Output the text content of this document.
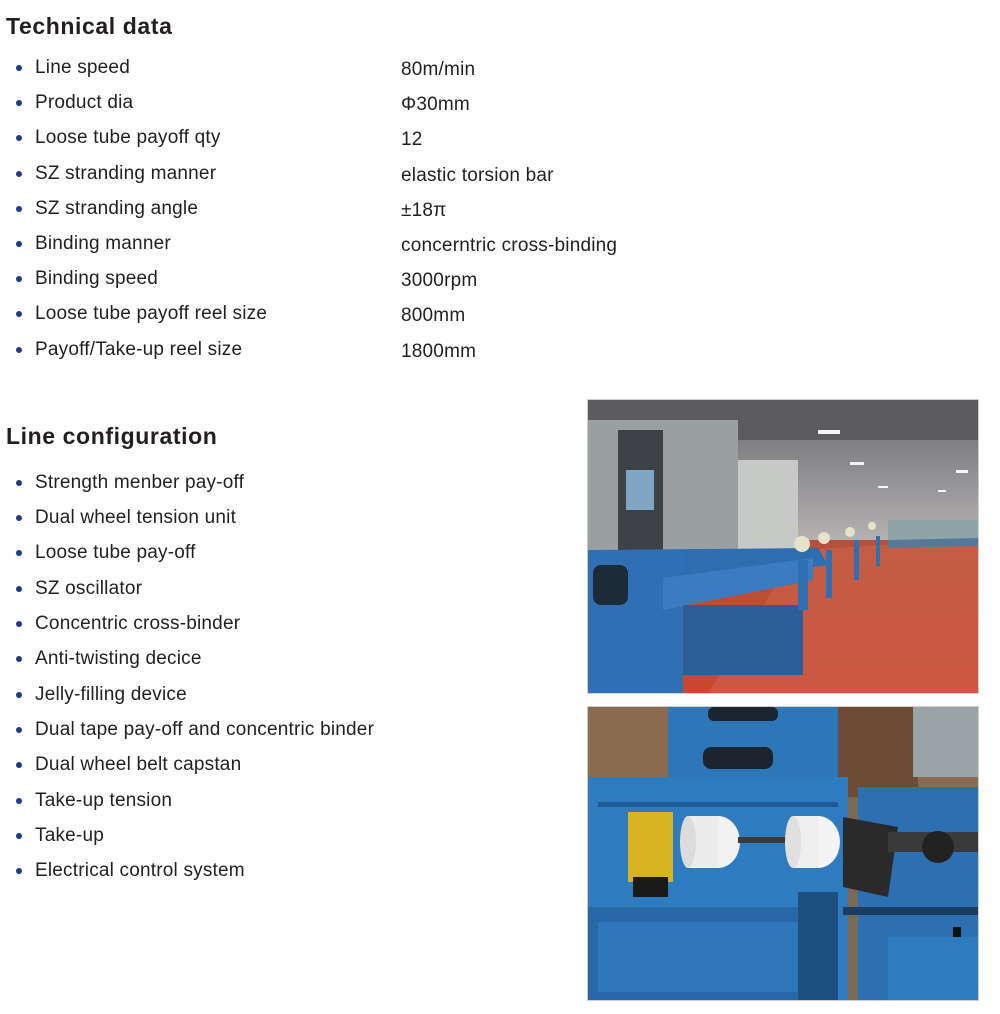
Technical data
Line speed	80m/min
Product dia	Φ30mm
Loose tube payoff qty	12
SZ stranding manner	elastic torsion bar
SZ stranding angle	±18π
Binding manner	concerntric cross-binding
Binding speed	3000rpm
Loose tube payoff reel size	800mm
Payoff/Take-up reel size	1800mm
Line configuration
Strength menber pay-off
Dual wheel tension unit
Loose tube pay-off
SZ oscillator
Concentric cross-binder
Anti-twisting decice
Jelly-filling device
Dual tape pay-off and concentric binder
Dual wheel belt capstan
Take-up tension
Take-up
Electrical control system
